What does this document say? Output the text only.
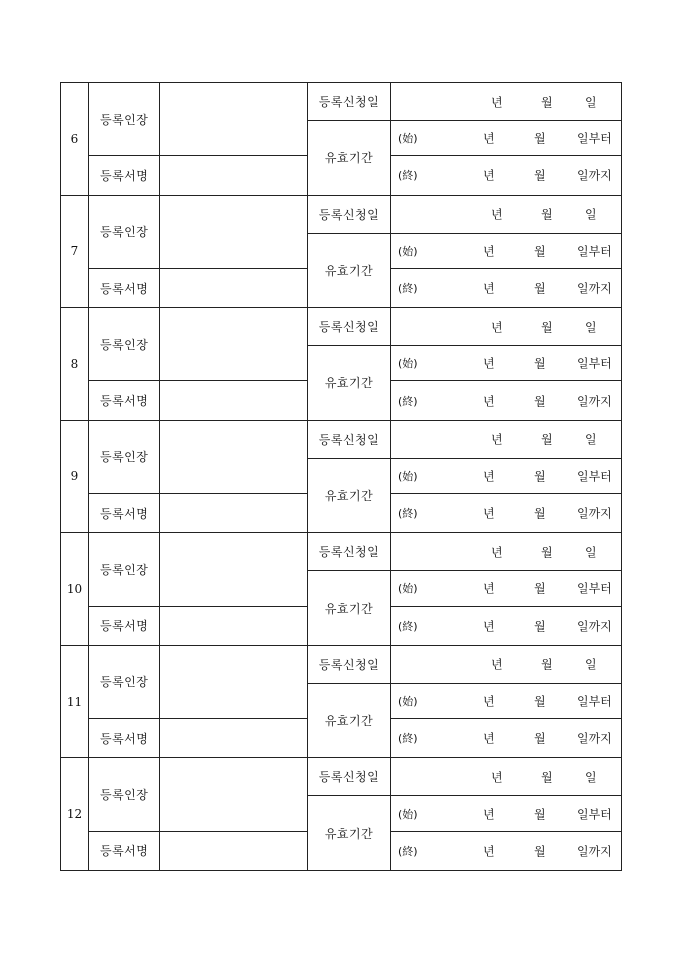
6	등록인장		등록신청일	년 월 일

			유효기간	(始) 년 월 일부터

	등록서명			(終) 년 월 일까지

7	등록인장		등록신청일	년 월 일

			유효기간	(始) 년 월 일부터

	등록서명			(終) 년 월 일까지

8	등록인장		등록신청일	년 월 일

			유효기간	(始) 년 월 일부터

	등록서명			(終) 년 월 일까지

9	등록인장		등록신청일	년 월 일

			유효기간	(始) 년 월 일부터

	등록서명			(終) 년 월 일까지

10	등록인장		등록신청일	년 월 일

			유효기간	(始) 년 월 일부터

	등록서명			(終) 년 월 일까지

11	등록인장		등록신청일	년 월 일

			유효기간	(始) 년 월 일부터

	등록서명			(終) 년 월 일까지

12	등록인장		등록신청일	년 월 일

			유효기간	(始) 년 월 일부터

	등록서명			(終) 년 월 일까지
